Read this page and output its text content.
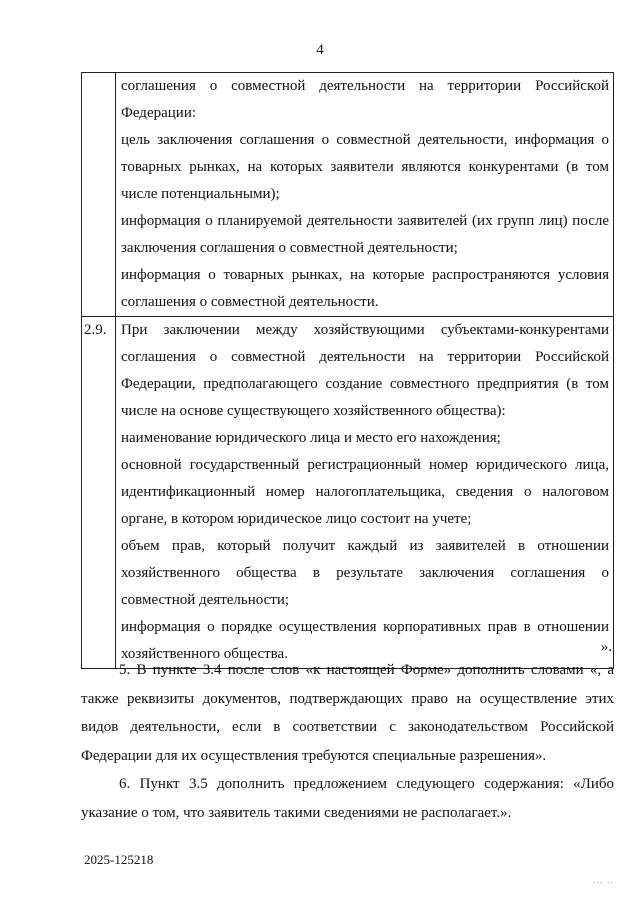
4

	соглашения о совместной деятельности на территории Российской Федерации:

цель заключения соглашения о совместной деятельности, информация о товарных рынках, на которых заявители являются конкурентами (в том числе потенциальными);

информация о планируемой деятельности заявителей (их групп лиц) после заключения соглашения о совместной деятельности;

информация о товарных рынках, на которые распространяются условия соглашения о совместной деятельности.

2.9.	При заключении между хозяйствующими субъектами-конкурентами соглашения о совместной деятельности на территории Российской Федерации, предполагающего создание совместного предприятия (в том числе на основе существующего хозяйственного общества):

наименование юридического лица и место его нахождения;

основной государственный регистрационный номер юридического лица, идентификационный номер налогоплательщика, сведения о налоговом органе, в котором юридическое лицо состоит на учете;

объем прав, который получит каждый из заявителей в отношении хозяйственного общества в результате заключения соглашения о совместной деятельности;

информация о порядке осуществления корпоративных прав в отношении хозяйственного общества.	».

5. В пункте 3.4 после слов «к настоящей Форме» дополнить словами «, а также реквизиты документов, подтверждающих право на осуществление этих видов деятельности, если в соответствии с законодательством Российской Федерации для их осуществления требуются специальные разрешения».

6. Пункт 3.5 дополнить предложением следующего содержания: «Либо указание о том, что заявитель такими сведениями не располагает.».

2025-125218
∙∙∙ ∙∙
